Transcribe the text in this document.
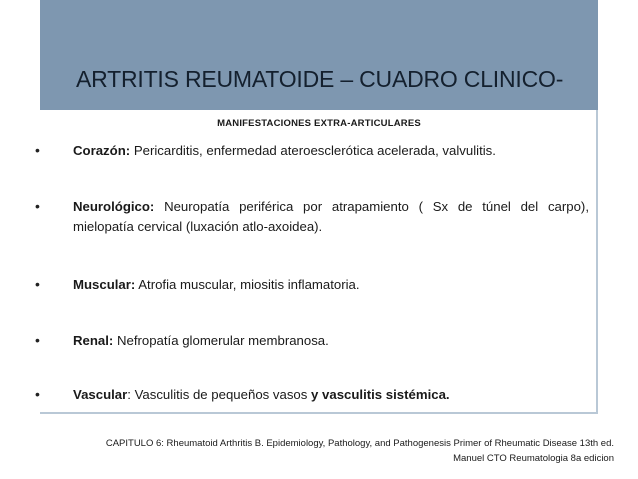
ARTRITIS REUMATOIDE – CUADRO CLINICO-
MANIFESTACIONES EXTRA-ARTICULARES
•	Corazón: Pericarditis, enfermedad ateroesclerótica acelerada, valvulitis.
•	Neurológico: Neuropatía periférica por atrapamiento ( Sx de túnel del carpo), mielopatía cervical (luxación atlo-axoidea).
•	Muscular: Atrofia muscular, miositis inflamatoria.
•	Renal: Nefropatía glomerular membranosa.
•	Vascular: Vasculitis de pequeños vasos y vasculitis sistémica.
CAPITULO 6: Rheumatoid Arthritis B. Epidemiology, Pathology, and Pathogenesis Primer of Rheumatic Disease 13th ed.
Manuel CTO Reumatologia 8a edicion
